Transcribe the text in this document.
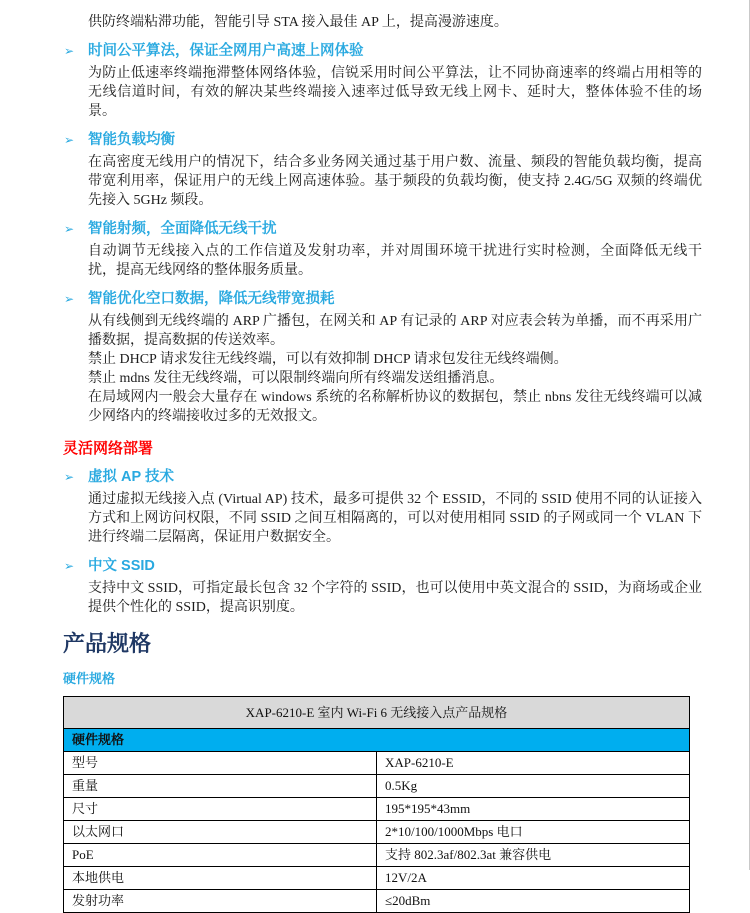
供防终端粘滞功能，智能引导 STA 接入最佳 AP 上，提高漫游速度。

➢ 时间公平算法，保证全网用户高速上网体验

为防止低速率终端拖滞整体网络体验，信锐采用时间公平算法，让不同协商速率的终端占用相等的无线信道时间，有效的解决某些终端接入速率过低导致无线上网卡、延时大，整体体验不佳的场景。

➢ 智能负载均衡

在高密度无线用户的情况下，结合多业务网关通过基于用户数、流量、频段的智能负载均衡，提高带宽利用率，保证用户的无线上网高速体验。基于频段的负载均衡，使支持 2.4G/5G 双频的终端优先接入 5GHz 频段。

➢ 智能射频，全面降低无线干扰

自动调节无线接入点的工作信道及发射功率，并对周围环境干扰进行实时检测，全面降低无线干扰，提高无线网络的整体服务质量。

➢ 智能优化空口数据，降低无线带宽损耗

从有线侧到无线终端的 ARP 广播包，在网关和 AP 有记录的 ARP 对应表会转为单播，而不再采用广播数据，提高数据的传送效率。

禁止 DHCP 请求发往无线终端，可以有效抑制 DHCP 请求包发往无线终端侧。

禁止 mdns 发往无线终端，可以限制终端向所有终端发送组播消息。

在局域网内一般会大量存在 windows 系统的名称解析协议的数据包，禁止 nbns 发往无线终端可以减少网络内的终端接收过多的无效报文。

灵活网络部署
➢ 虚拟 AP 技术

通过虚拟无线接入点 (Virtual AP) 技术，最多可提供 32 个 ESSID，不同的 SSID 使用不同的认证接入方式和上网访问权限，不同 SSID 之间互相隔离的，可以对使用相同 SSID 的子网或同一个 VLAN 下进行终端二层隔离，保证用户数据安全。

➢ 中文 SSID

支持中文 SSID，可指定最长包含 32 个字符的 SSID，也可以使用中英文混合的 SSID，为商场或企业提供个性化的 SSID，提高识别度。

产品规格
硬件规格
XAP-6210-E 室内 Wi-Fi 6 无线接入点产品规格	
硬件规格	
型号	XAP-6210-E
重量	0.5Kg
尺寸	195*195*43mm
以太网口	2*10/100/1000Mbps 电口
PoE	支持 802.3af/802.3at 兼容供电
本地供电	12V/2A
发射功率	≤20dBm
